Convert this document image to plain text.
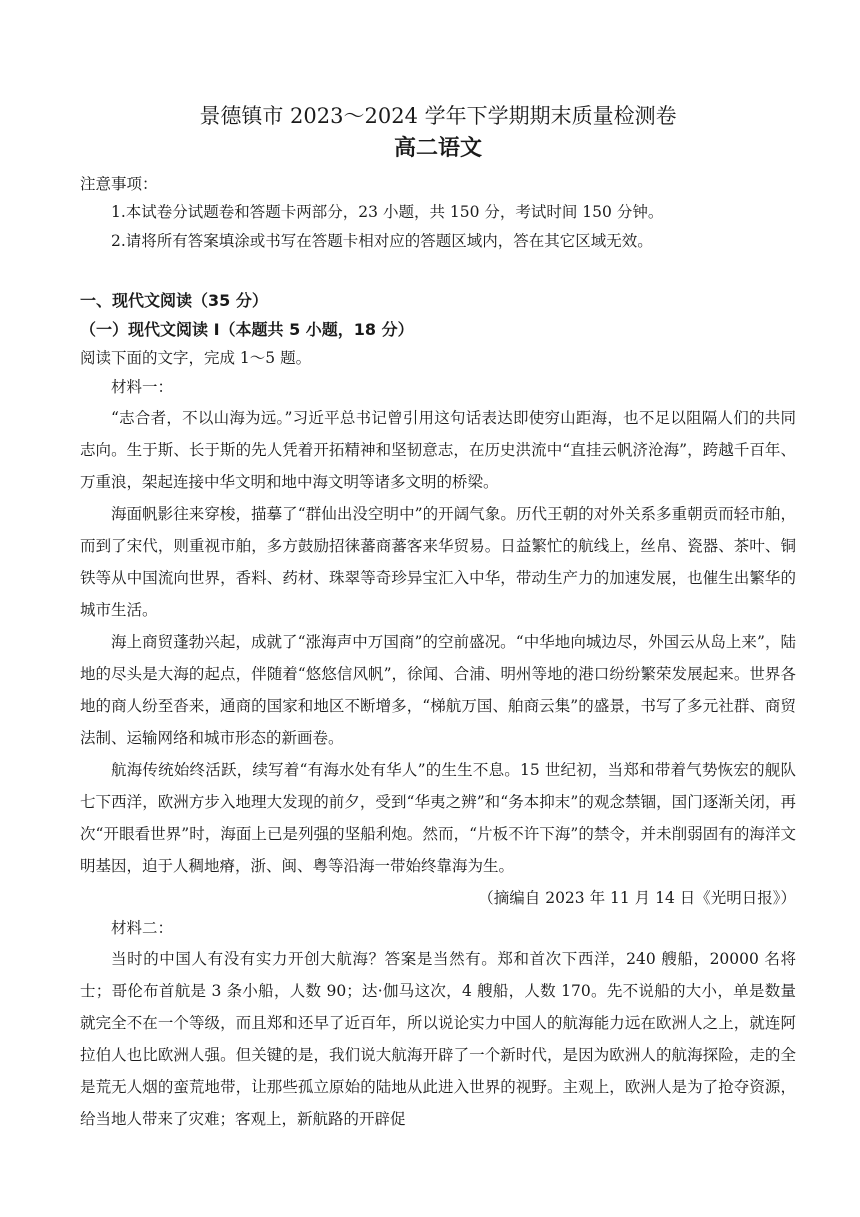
景德镇市 2023～2024 学年下学期期末质量检测卷
高二语文

注意事项：

1.本试卷分试题卷和答题卡两部分，23 小题，共 150 分，考试时间 150 分钟。

2.请将所有答案填涂或书写在答题卡相对应的答题区域内，答在其它区域无效。

一、现代文阅读（35 分）

（一）现代文阅读 I（本题共 5 小题，18 分）

阅读下面的文字，完成 1～5 题。

材料一：

“志合者，不以山海为远。”习近平总书记曾引用这句话表达即使穷山距海，也不足以阻隔人们的共同志向。生于斯、长于斯的先人凭着开拓精神和坚韧意志，在历史洪流中“直挂云帆济沧海”，跨越千百年、万重浪，架起连接中华文明和地中海文明等诸多文明的桥梁。

海面帆影往来穿梭，描摹了“群仙出没空明中”的开阔气象。历代王朝的对外关系多重朝贡而轻市舶，而到了宋代，则重视市舶，多方鼓励招徕蕃商蕃客来华贸易。日益繁忙的航线上，丝帛、瓷器、茶叶、铜铁等从中国流向世界，香料、药材、珠翠等奇珍异宝汇入中华，带动生产力的加速发展，也催生出繁华的城市生活。

海上商贸蓬勃兴起，成就了“涨海声中万国商”的空前盛况。“中华地向城边尽，外国云从岛上来”，陆地的尽头是大海的起点，伴随着“悠悠信风帆”，徐闻、合浦、明州等地的港口纷纷繁荣发展起来。世界各地的商人纷至沓来，通商的国家和地区不断增多，“梯航万国、舶商云集”的盛景，书写了多元社群、商贸法制、运输网络和城市形态的新画卷。

航海传统始终活跃，续写着“有海水处有华人”的生生不息。15 世纪初，当郑和带着气势恢宏的舰队七下西洋，欧洲方步入地理大发现的前夕，受到“华夷之辨”和“务本抑末”的观念禁锢，国门逐渐关闭，再次“开眼看世界”时，海面上已是列强的坚船利炮。然而，“片板不许下海”的禁令，并未削弱固有的海洋文明基因，迫于人稠地瘠，浙、闽、粤等沿海一带始终靠海为生。

（摘编自 2023 年 11 月 14 日《光明日报》）

材料二：

当时的中国人有没有实力开创大航海？答案是当然有。郑和首次下西洋，240 艘船，20000 名将士；哥伦布首航是 3 条小船，人数 90；达·伽马这次，4 艘船，人数 170。先不说船的大小，单是数量就完全不在一个等级，而且郑和还早了近百年，所以说论实力中国人的航海能力远在欧洲人之上，就连阿拉伯人也比欧洲人强。但关键的是，我们说大航海开辟了一个新时代，是因为欧洲人的航海探险，走的全是荒无人烟的蛮荒地带，让那些孤立原始的陆地从此进入世界的视野。主观上，欧洲人是为了抢夺资源，给当地人带来了灾难；客观上，新航路的开辟促
